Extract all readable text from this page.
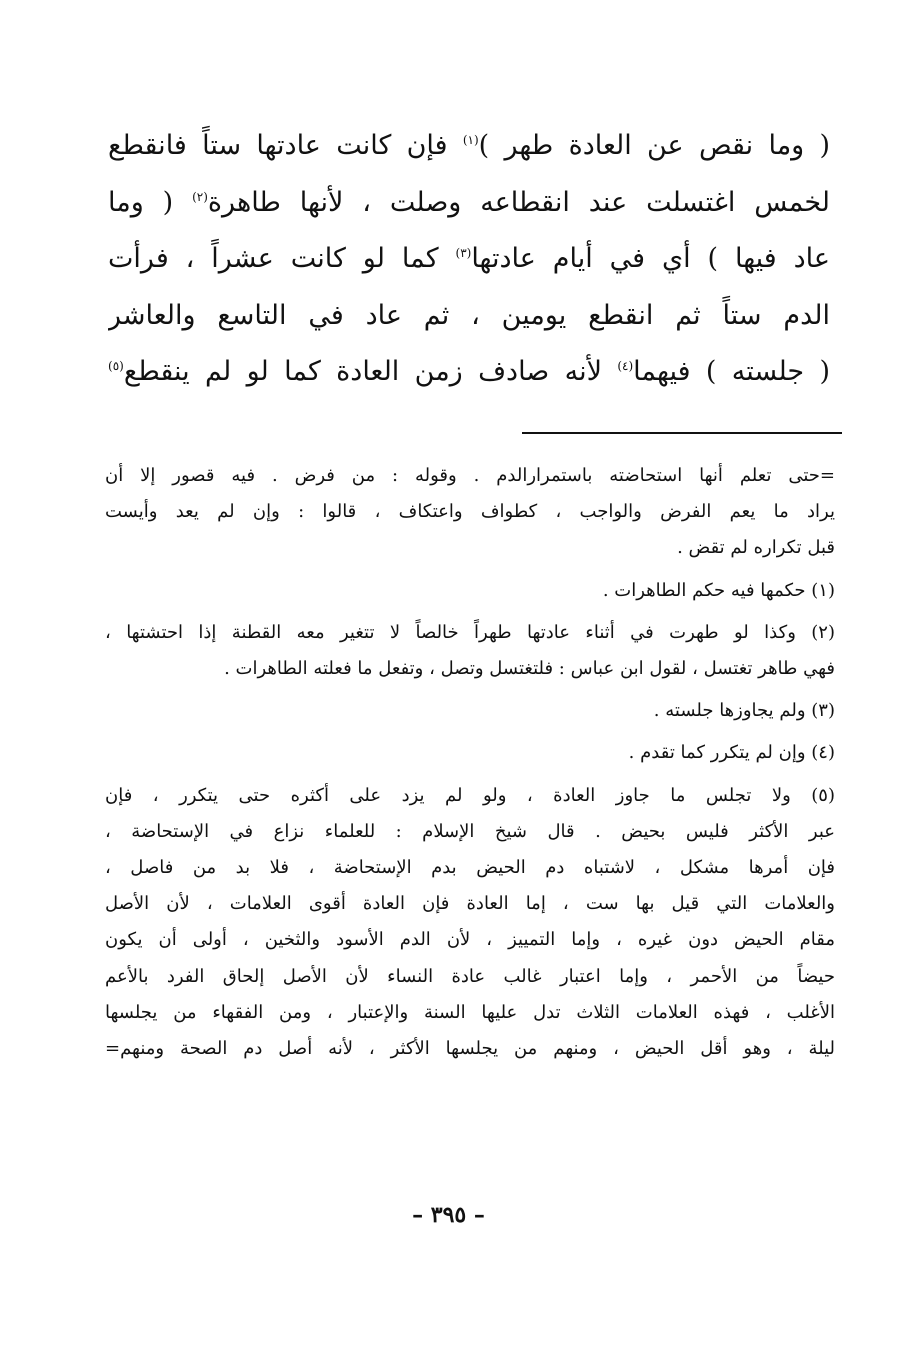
( وما نقص عن العادة طهر )$^{(١)}$ فإن كانت عادتها ستاً فانقطع
لخمس اغتسلت عند انقطاعه وصلت ، لأنها طاهرة$^{(٢)}$ ( وما
عاد فيها ) أي في أيام عادتها$^{(٣)}$ كما لو كانت عشراً ، فرأت
الدم ستاً ثم انقطع يومين ، ثم عاد في التاسع والعاشر
( جلسته ) فيهما$^{(٤)}$ لأنه صادف زمن العادة كما لو لم ينقطع$^{(٥)}$
=حتى تعلم أنها استحاضته باستمرارالدم . وقوله : من فرض . فيه قصور إلا أن
يراد ما يعم الفرض والواجب ، كطواف واعتكاف ، قالوا : وإن لم يعد وأيست
قبل تكراره لم تقض .
(١) حكمها فيه حكم الطاهرات .
(٢) وكذا لو طهرت في أثناء عادتها طهراً خالصاً لا تتغير معه القطنة إذا احتشتها ،
فهي طاهر تغتسل ، لقول ابن عباس : فلتغتسل وتصل ، وتفعل ما فعلته الطاهرات .
(٣) ولم يجاوزها جلسته .
(٤) وإن لم يتكرر كما تقدم .
(٥) ولا تجلس ما جاوز العادة ، ولو لم يزد على أكثره حتى يتكرر ، فإن
عبر الأكثر فليس بحيض . قال شيخ الإسلام : للعلماء نزاع في الإستحاضة ،
فإن أمرها مشكل ، لاشتباه دم الحيض بدم الإستحاضة ، فلا بد من فاصل ،
والعلامات التي قيل بها ست ، إما العادة فإن العادة أقوى العلامات ، لأن الأصل
مقام الحيض دون غيره ، وإما التمييز ، لأن الدم الأسود والثخين ، أولى أن يكون
حيضاً من الأحمر ، وإما اعتبار غالب عادة النساء لأن الأصل إلحاق الفرد بالأعم
الأغلب ، فهذه العلامات الثلاث تدل عليها السنة والإعتبار ، ومن الفقهاء من يجلسها
ليلة ، وهو أقل الحيض ، ومنهم من يجلسها الأكثر ، لأنه أصل دم الصحة ومنهم=
– ٣٩٥ –
